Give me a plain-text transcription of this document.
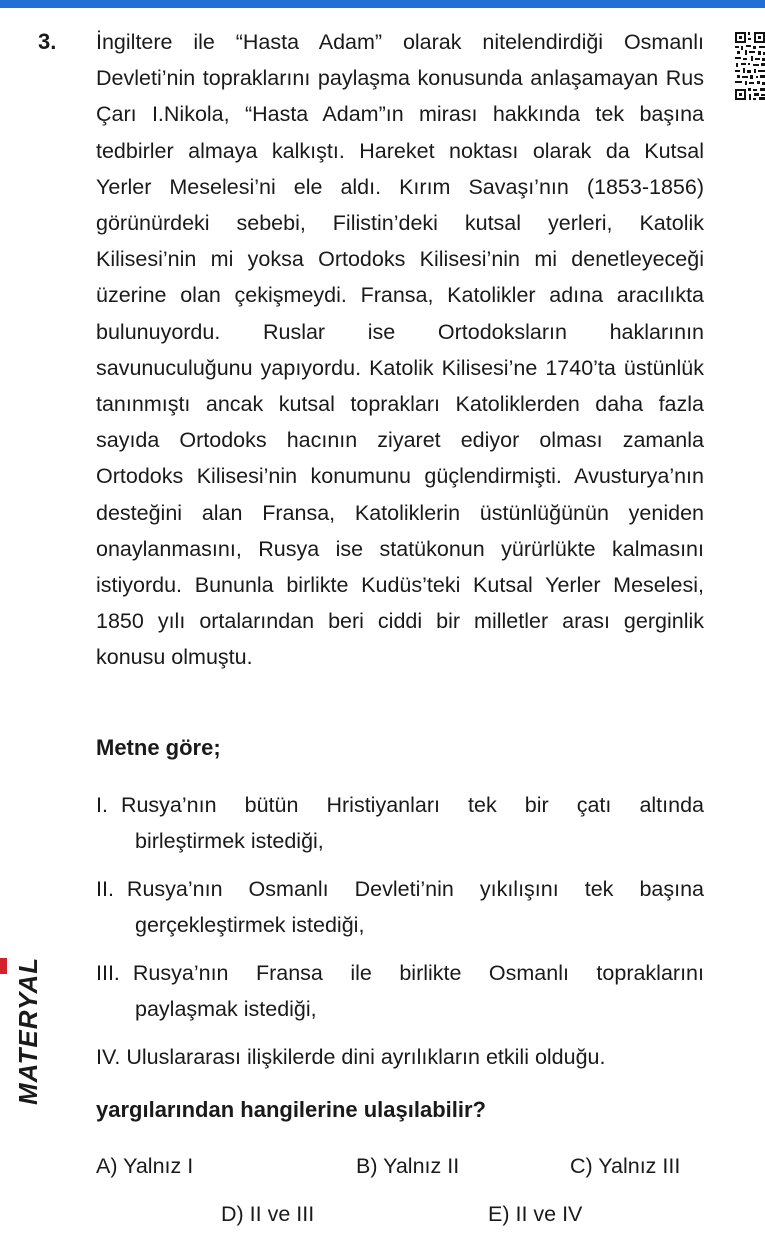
3. İngiltere ile “Hasta Adam” olarak nitelendirdiği Osmanlı Devleti’nin topraklarını paylaşma konusunda anlaşamayan Rus Çarı I.Nikola, “Hasta Adam”ın mirası hakkında tek başına tedbirler almaya kalkıştı. Hareket noktası olarak da Kutsal Yerler Meselesi’ni ele aldı. Kırım Savaşı’nın (1853-1856) görünürdeki sebebi, Filistin’deki kutsal yerleri, Katolik Kilisesi’nin mi yoksa Ortodoks Kilisesi’nin mi denetleyeceği üzerine olan çekişmeydi. Fransa, Katolikler adına aracılıkta bulunuyordu. Ruslar ise Ortodoksların haklarının savunuculuğunu yapıyordu. Katolik Kilisesi’ne 1740’ta üstünlük tanınmıştı ancak kutsal toprakları Katoliklerden daha fazla sayıda Ortodoks hacının ziyaret ediyor olması zamanla Ortodoks Kilisesi’nin konumunu güçlendirmişti. Avusturya’nın desteğini alan Fransa, Katoliklerin üstünlüğünün yeniden onaylanmasını, Rusya ise statükonun yürürlükte kalmasını istiyordu. Bununla birlikte Kudüs’teki Kutsal Yerler Meselesi, 1850 yılı ortalarından beri ciddi bir milletler arası gerginlik konusu olmuştu.

Metne göre;
I. Rusya’nın bütün Hristiyanları tek bir çatı altında
birleştirmek istediği,
II. Rusya’nın Osmanlı Devleti’nin yıkılışını tek başına
gerçekleştirmek istediği,
III. Rusya’nın Fransa ile birlikte Osmanlı topraklarını
paylaşmak istediği,
IV. Uluslararası ilişkilerde dini ayrılıkların etkili olduğu.
yargılarından hangilerine ulaşılabilir?
A) Yalnız I	B) Yalnız II	C) Yalnız III
D) II ve III	E) II ve IV
MATERYAL
